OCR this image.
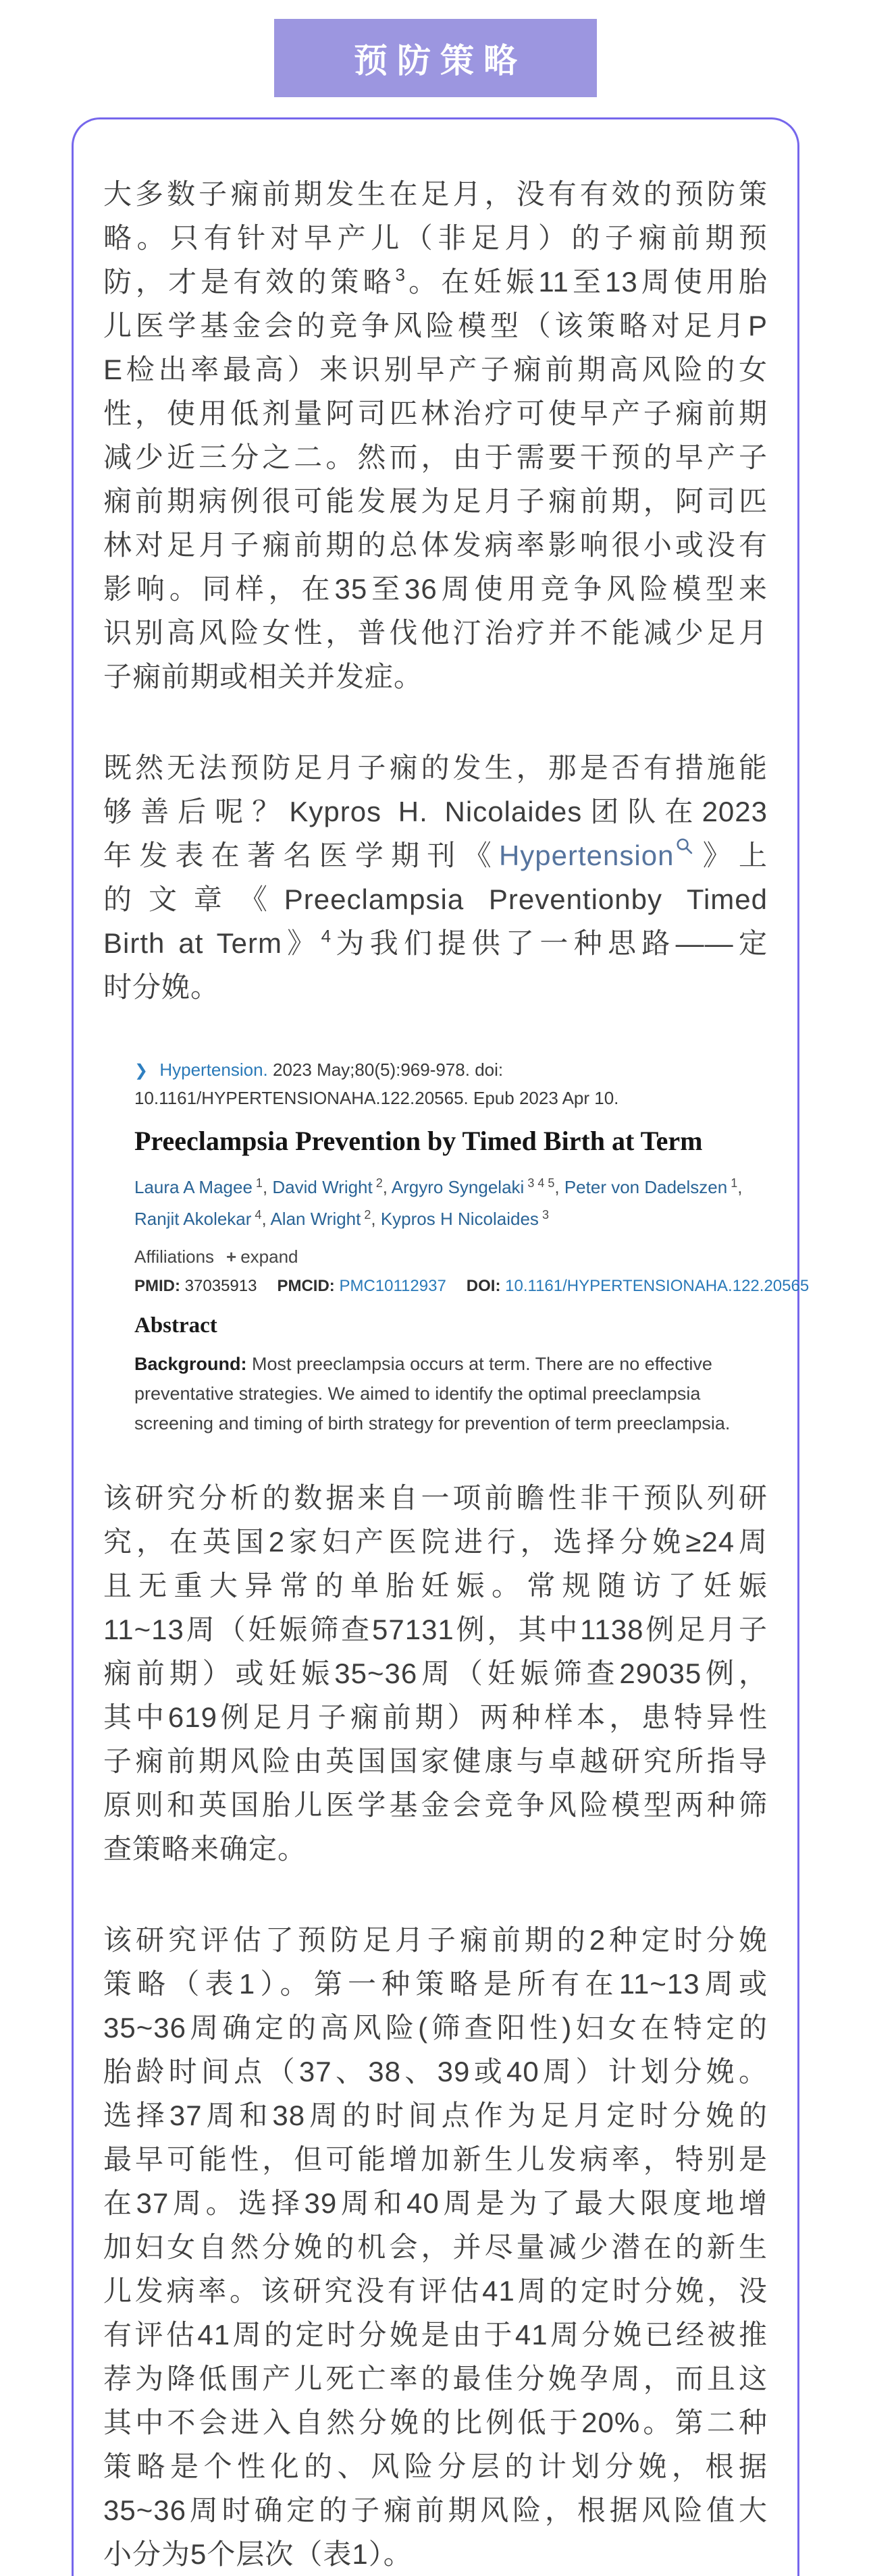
预防策略
大多数子痫前期发生在足月，没有有效的预防策
略。只有针对早产儿（非足月）的子痫前期预
防，才是有效的策略$^3$。在妊娠11至13周使用胎
儿医学基金会的竞争风险模型（该策略对足月P
E检出率最高）来识别早产子痫前期高风险的女
性，使用低剂量阿司匹林治疗可使早产子痫前期
减少近三分之二。然而，由于需要干预的早产子
痫前期病例很可能发展为足月子痫前期，阿司匹
林对足月子痫前期的总体发病率影响很小或没有
影响。同样，在35至36周使用竞争风险模型来
识别高风险女性，普伐他汀治疗并不能减少足月
子痫前期或相关并发症。
既然无法预防足月子痫的发生，那是否有措施能
够善后呢？Kypros H. Nicolaides团队在2023
年发表在著名医学期刊《Hypertension 》上
的文章《Preeclampsia Preventionby Timed
Birth at Term》$^4$为我们提供了一种思路——定
时分娩。

❯ Hypertension. 2023 May;80(5):969-978. doi: 10.1161/HYPERTENSIONAHA.122.20565. Epub 2023 Apr 10.

Preeclampsia Prevention by Timed Birth at Term

Laura A Magee $^1$, David Wright $^2$, Argyro Syngelaki $^{3 4 5}$, Peter von Dadelszen $^1$, Ranjit Akolekar $^4$, Alan Wright $^2$, Kypros H Nicolaides $^3$

Affiliations + expand

PMID: 37035913 PMCID: PMC10112937 DOI: 10.1161/HYPERTENSIONAHA.122.20565

Abstract

Background: Most preeclampsia occurs at term. There are no effective preventative strategies. We aimed to identify the optimal preeclampsia screening and timing of birth strategy for prevention of term preeclampsia.

该研究分析的数据来自一项前瞻性非干预队列研
究，在英国2家妇产医院进行，选择分娩≥24周
且无重大异常的单胎妊娠。常规随访了妊娠
11~13周（妊娠筛查57131例，其中1138例足月子
痫前期）或妊娠35~36周（妊娠筛查29035例，
其中619例足月子痫前期）两种样本，患特异性
子痫前期风险由英国国家健康与卓越研究所指导
原则和英国胎儿医学基金会竞争风险模型两种筛
查策略来确定。
该研究评估了预防足月子痫前期的2种定时分娩
策略（表1）。第一种策略是所有在11~13周或
35~36周确定的高风险(筛查阳性)妇女在特定的
胎龄时间点（37、38、39或40周）计划分娩。
选择37周和38周的时间点作为足月定时分娩的
最早可能性，但可能增加新生儿发病率，特别是
在37周。选择39周和40周是为了最大限度地增
加妇女自然分娩的机会，并尽量减少潜在的新生
儿发病率。该研究没有评估41周的定时分娩，没
有评估41周的定时分娩是由于41周分娩已经被推
荐为降低围产儿死亡率的最佳分娩孕周，而且这
其中不会进入自然分娩的比例低于20%。第二种
策略是个性化的、风险分层的计划分娩，根据
35~36周时确定的子痫前期风险，根据风险值大
小分为5个层次（表1）。
